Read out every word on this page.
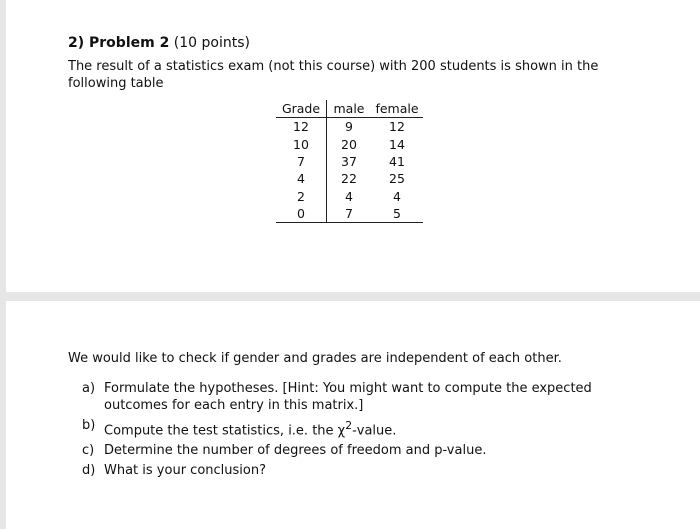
2) Problem 2 (10 points)
The result of a statistics exam (not this course) with 200 students is shown in the following table
Grade	male	female
12	9	12
10	20	14
7	37	41
4	22	25
2	4	4
0	7	5
We would like to check if gender and grades are independent of each other.
a) Formulate the hypotheses. [Hint: You might want to compute the expected outcomes for each entry in this matrix.]
b) Compute the test statistics, i.e. the $\chi^2$-value.
c) Determine the number of degrees of freedom and p-value.
d) What is your conclusion?
